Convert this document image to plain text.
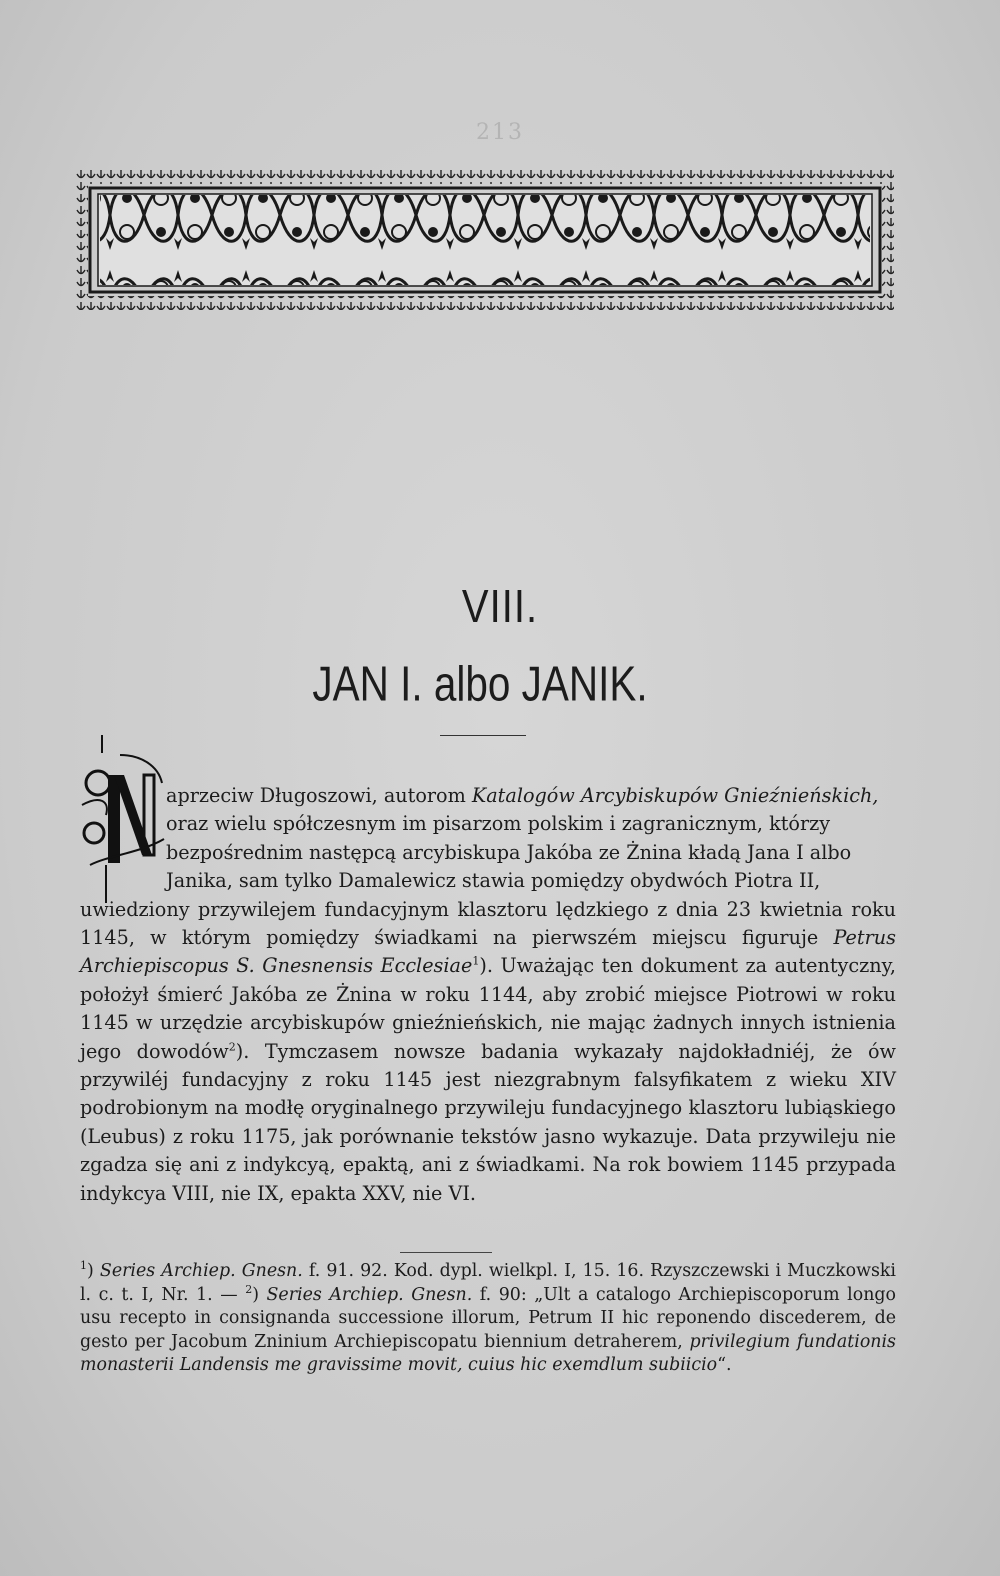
213
VIII.
JAN I. albo JANIK.

aprzeciw Długoszowi, autorom Katalogów Arcybiskupów Gnieźnieńskich,
oraz wielu spółczesnym im pisarzom polskim i zagranicznym, którzy
bezpośrednim następcą arcybiskupa Jakóba ze Żnina kładą Jana I albo
Janika, sam tylko Damalewicz stawia pomiędzy obydwóch Piotra II,
uwiedziony przywilejem fundacyjnym klasztoru lędzkiego z dnia 23 kwietnia roku 1145, w którym pomiędzy świadkami na pierwszém miejscu figuruje Petrus Archiepiscopus S. Gnesnensis Ecclesiae$^1$). Uważając ten dokument za autentyczny, położył śmierć Jakóba ze Żnina w roku 1144, aby zrobić miejsce Piotrowi w roku 1145 w urzędzie arcybiskupów gnieźnieńskich, nie mając żadnych innych istnienia jego dowodów$^2$). Tymczasem nowsze badania wykazały najdokładniéj, że ów przywiléj fundacyjny z roku 1145 jest niezgrabnym falsyfikatem z wieku XIV podrobionym na modłę oryginalnego przywileju fundacyjnego klasztoru lubiąskiego (Leubus) z roku 1175, jak porównanie tekstów jasno wykazuje. Data przywileju nie zgadza się ani z indykcyą, epaktą, ani z świadkami. Na rok bowiem 1145 przypada indykcya VIII, nie IX, epakta XXV, nie VI.

$^1$) Series Archiep. Gnesn. f. 91. 92. Kod. dypl. wielkpl. I, 15. 16. Rzyszczewski i Muczkowski l. c. t. I, Nr. 1. — $^2$) Series Archiep. Gnesn. f. 90: „Ult a catalogo Archiepiscoporum longo usu recepto in consignanda successione illorum, Petrum II hic reponendo discederem, de gesto per Jacobum Zninium Archiepiscopatu biennium detraherem, privilegium fundationis monasterii Landensis me gravissime movit, cuius hic exemdlum subiicio“.
